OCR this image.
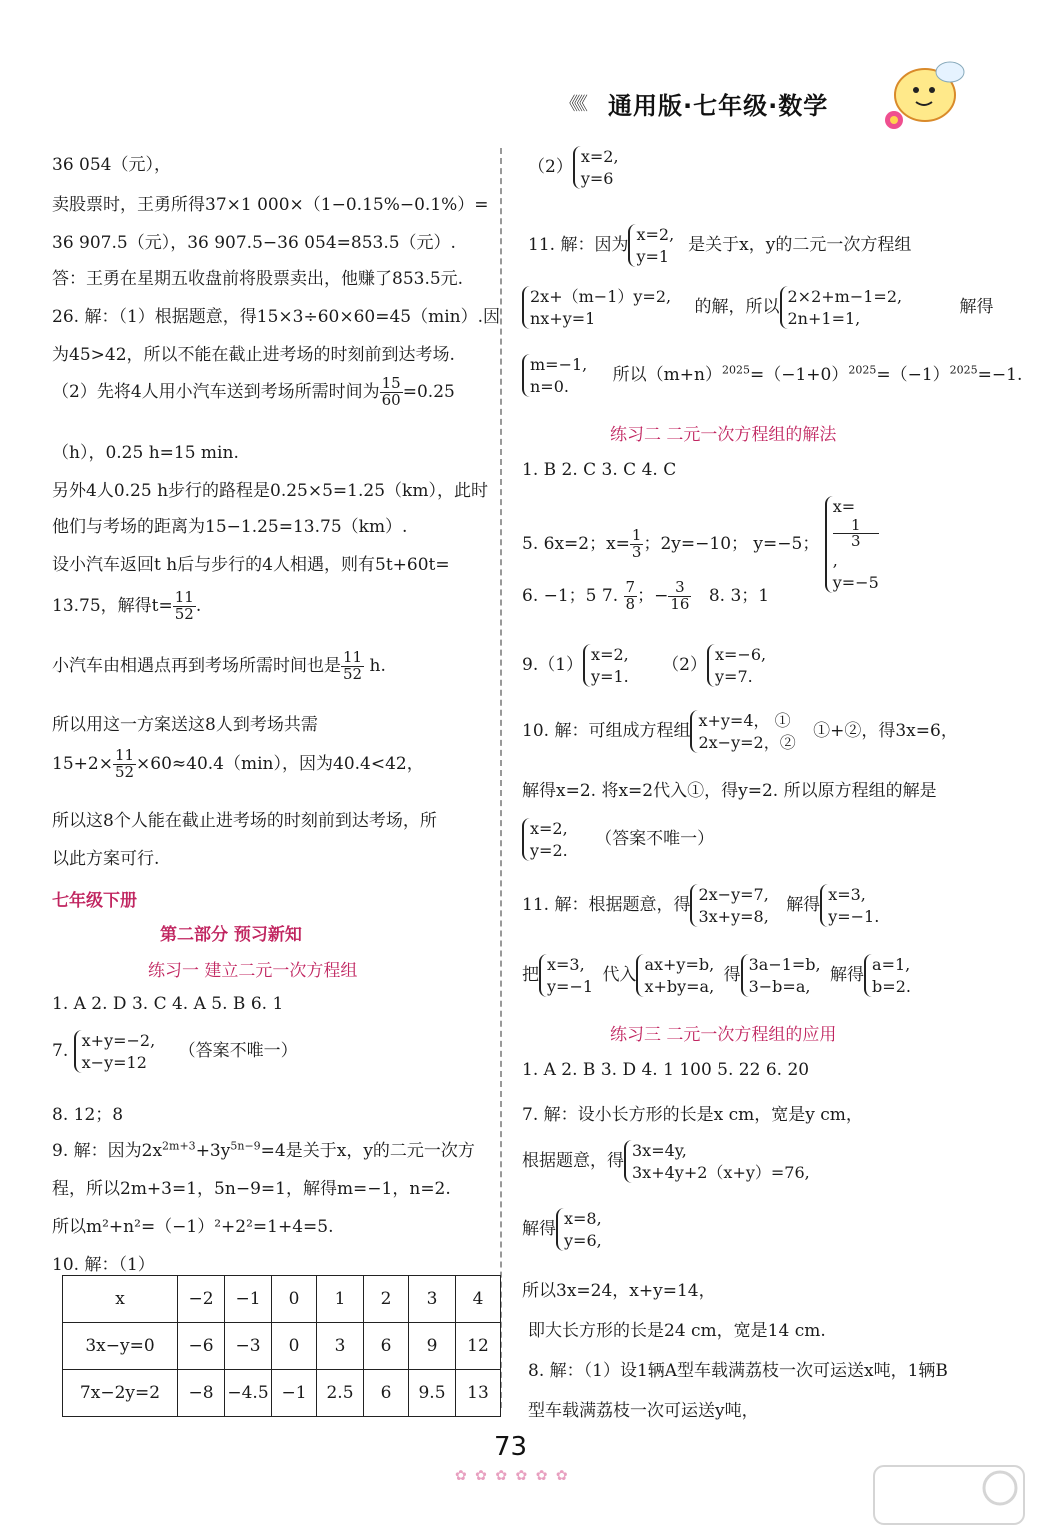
《《《 通用版·七年级·数学
36 054（元），
卖股票时，王勇所得37×1 000×（1−0.15%−0.1%）=
36 907.5（元），36 907.5−36 054=853.5（元）.
答：王勇在星期五收盘前将股票卖出，他赚了853.5元.
26. 解：（1）根据题意，得15×3÷60×60=45（min）.因
为45>42，所以不能在截止进考场的时刻前到达考场.
（2）先将4人用小汽车送到考场所需时间为 $\frac{15}{60} =0.25$
（h），0.25 h=15 min.
另外4人0.25 h步行的路程是0.25×5=1.25（km），此时
他们与考场的距离为15−1.25=13.75（km）.
设小汽车返回t h后与步行的4人相遇，则有5t+60t=
13.75，解得$t= \frac{11}{52}$ .
小汽车由相遇点再到考场所需时间也是 $\frac{11}{52} h$.
所以用这一方案送这8人到考场共需
$15+2\times \frac{11}{52} \times 60\approx 40.4(\min)$，因为40.4<42，
所以这8个人能在截止进考场的时刻前到达考场，所
以此方案可行.
七年级下册
第二部分 预习新知
练习一 建立二元一次方程组
1. A 2. D 3. C 4. A 5. B 6. 1
7.
x+y=−2,
x−y=12
（答案不唯一）
8. 12；8
9. 解：因为$2x^{2m+3}+3y^{5n-9}=4$是关于x，y的二元一次方
程，所以2m+3=1，5n−9=1，解得m=−1，n=2.
所以m²+n²=（−1）²+2²=1+4=5.
10. 解：（1）
x	−2	−1	0	1	2	3	4
3x−y=0	−6	−3	0	3	6	9	12
7x−2y=2	−8	−4.5	−1	2.5	6	9.5	13
（2）
x=2,
y=6
11. 解：因为
x=2,
y=1
是关于x，y的二元一次方程组
2x+（m−1）y=2,
nx+y=1
的解，所以
2×2+m−1=2,
2n+1=1,
解得
m=−1,
n=0.
所以$(m+n)^{2025}=(-1+0)^{2025}=(-1)^{2025}=-1$.
练习二 二元一次方程组的解法
1. B 2. C 3. C 4. C
5. 6x=2；$x= \frac{1}{3}$ ；2y=−10； y=−5；
x=
1
3
,
y=−5
6. −1；5 7. $\frac{7}{8}$ ；− $\frac{3}{16} 8$. 3；1
9.（1）
x=2,
y=1.
（2）
x=−6,
y=7.
10. 解：可组成方程组
x+y=4， ①
2x−y=2，②
①+②，得3x=6，
解得x=2. 将x=2代入①，得y=2. 所以原方程组的解是
x=2,
y=2.
（答案不唯一）
11. 解：根据题意，得
2x−y=7,
3x+y=8,
解得
x=3,
y=−1.
把
x=3,
y=−1
代入
ax+y=b,
x+by=a,
得
3a−1=b,
3−b=a,
解得
a=1,
b=2.
练习三 二元一次方程组的应用
1. A 2. B 3. D 4. 1 100 5. 22 6. 20
7. 解：设小长方形的长是x cm，宽是y cm，
根据题意，得
3x=4y,
3x+4y+2（x+y）=76,
解得
x=8,
y=6,
所以3x=24，x+y=14，
即大长方形的长是24 cm，宽是14 cm.
8. 解：（1）设1辆A型车载满荔枝一次可运送x吨，1辆B
型车载满荔枝一次可运送y吨，
73
✿ ✿ ✿ ✿ ✿ ✿
